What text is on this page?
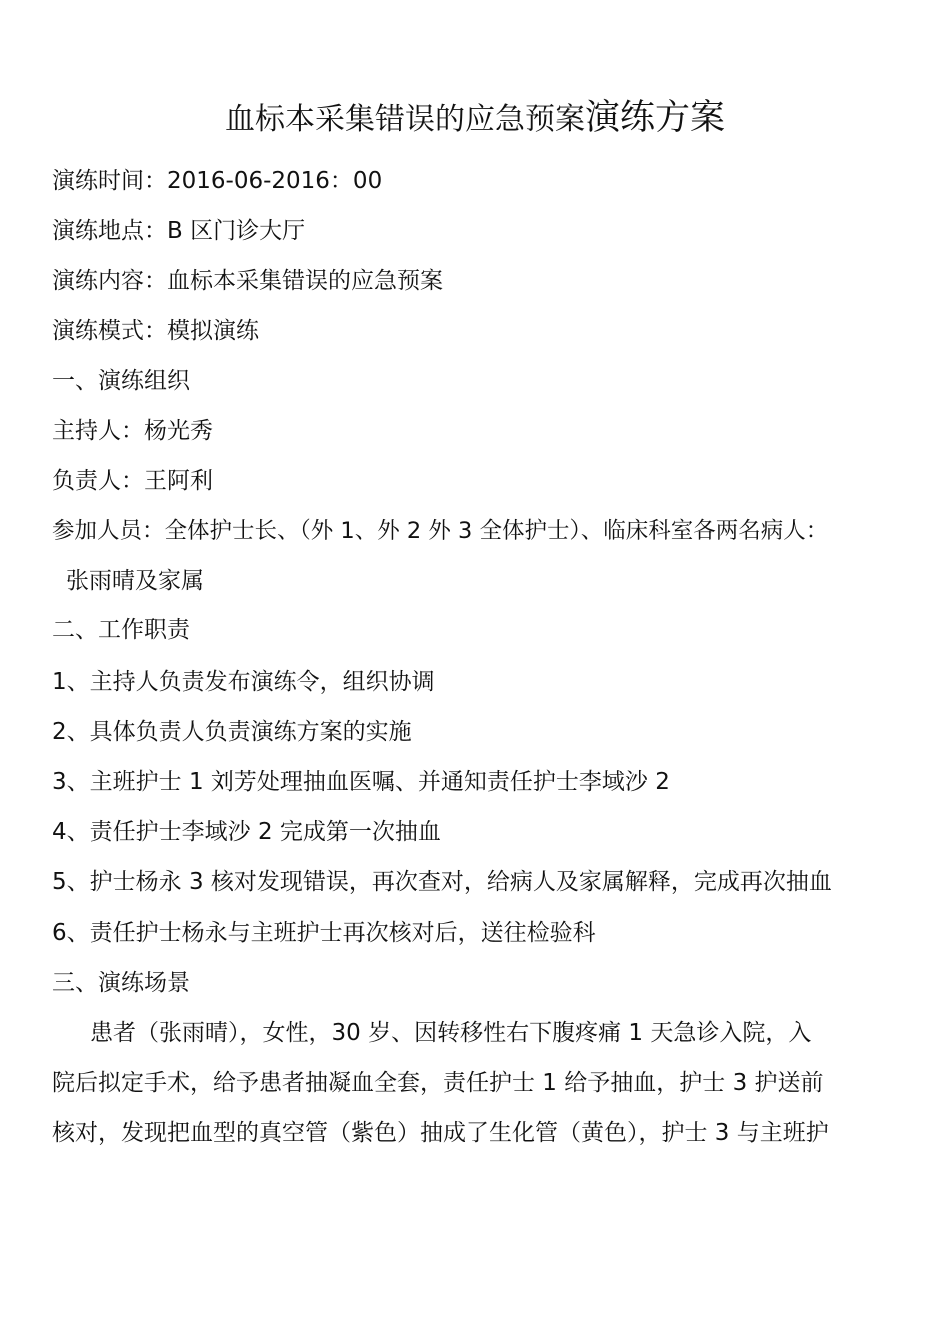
血标本采集错误的应急预案演练方案
演练时间：2016-06-2016：00
演练地点：B 区门诊大厅
演练内容：血标本采集错误的应急预案
演练模式：模拟演练
一、演练组织
主持人：杨光秀
负责人：王阿利
参加人员：全体护士长、（外 1、外 2 外 3 全体护士）、临床科室各两名病人：
张雨晴及家属
二、工作职责
1、主持人负责发布演练令，组织协调
2、具体负责人负责演练方案的实施
3、主班护士 1 刘芳处理抽血医嘱、并通知责任护士李域沙 2
4、责任护士李域沙 2 完成第一次抽血
5、护士杨永 3 核对发现错误，再次查对，给病人及家属解释，完成再次抽血
6、责任护士杨永与主班护士再次核对后，送往检验科
三、演练场景
患者（张雨晴），女性，30 岁、因转移性右下腹疼痛 1 天急诊入院，入
院后拟定手术，给予患者抽凝血全套，责任护士 1 给予抽血，护士 3 护送前
核对，发现把血型的真空管（紫色）抽成了生化管（黄色），护士 3 与主班护
